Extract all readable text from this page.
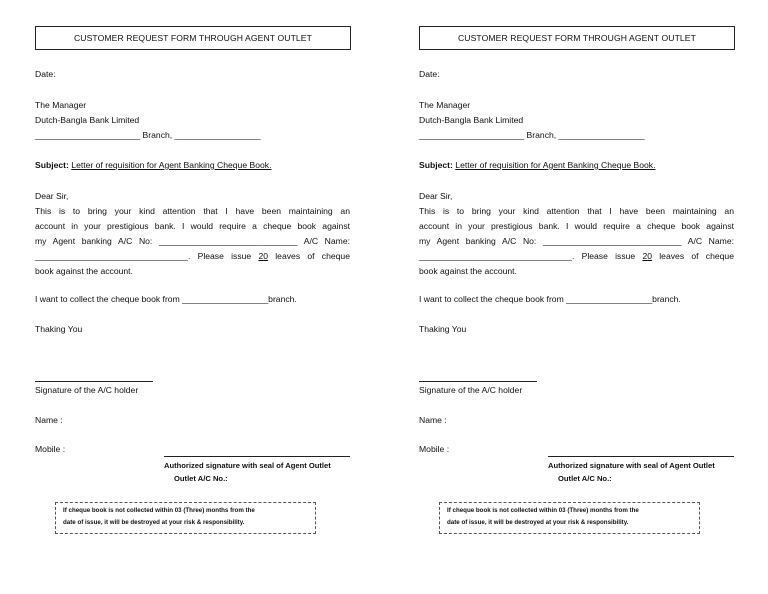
CUSTOMER REQUEST FORM THROUGH AGENT OUTLET
Date:
The Manager
Dutch-Bangla Bank Limited
______________________ Branch, __________________
Subject: Letter of requisition for Agent Banking Cheque Book.
Dear Sir,
This is to bring your kind attention that I have been maintaining an
account in your prestigious bank. I would require a cheque book against
my Agent banking A/C No: _____________________________ A/C Name:
________________________________. Please issue 20 leaves of cheque
book against the account.
I want to collect the cheque book from __________________branch.
Thaking You
Signature of the A/C holder
Name :
Mobile :
Authorized signature with seal of Agent Outlet
Outlet A/C No.:
If cheque book is not collected within 03 (Three) months from the
date of issue, it will be destroyed at your risk & responsibility.
CUSTOMER REQUEST FORM THROUGH AGENT OUTLET
Date:
The Manager
Dutch-Bangla Bank Limited
______________________ Branch, __________________
Subject: Letter of requisition for Agent Banking Cheque Book.
Dear Sir,
This is to bring your kind attention that I have been maintaining an
account in your prestigious bank. I would require a cheque book against
my Agent banking A/C No: _____________________________ A/C Name:
________________________________. Please issue 20 leaves of cheque
book against the account.
I want to collect the cheque book from __________________branch.
Thaking You
Signature of the A/C holder
Name :
Mobile :
Authorized signature with seal of Agent Outlet
Outlet A/C No.:
If cheque book is not collected within 03 (Three) months from the
date of issue, it will be destroyed at your risk & responsibility.
